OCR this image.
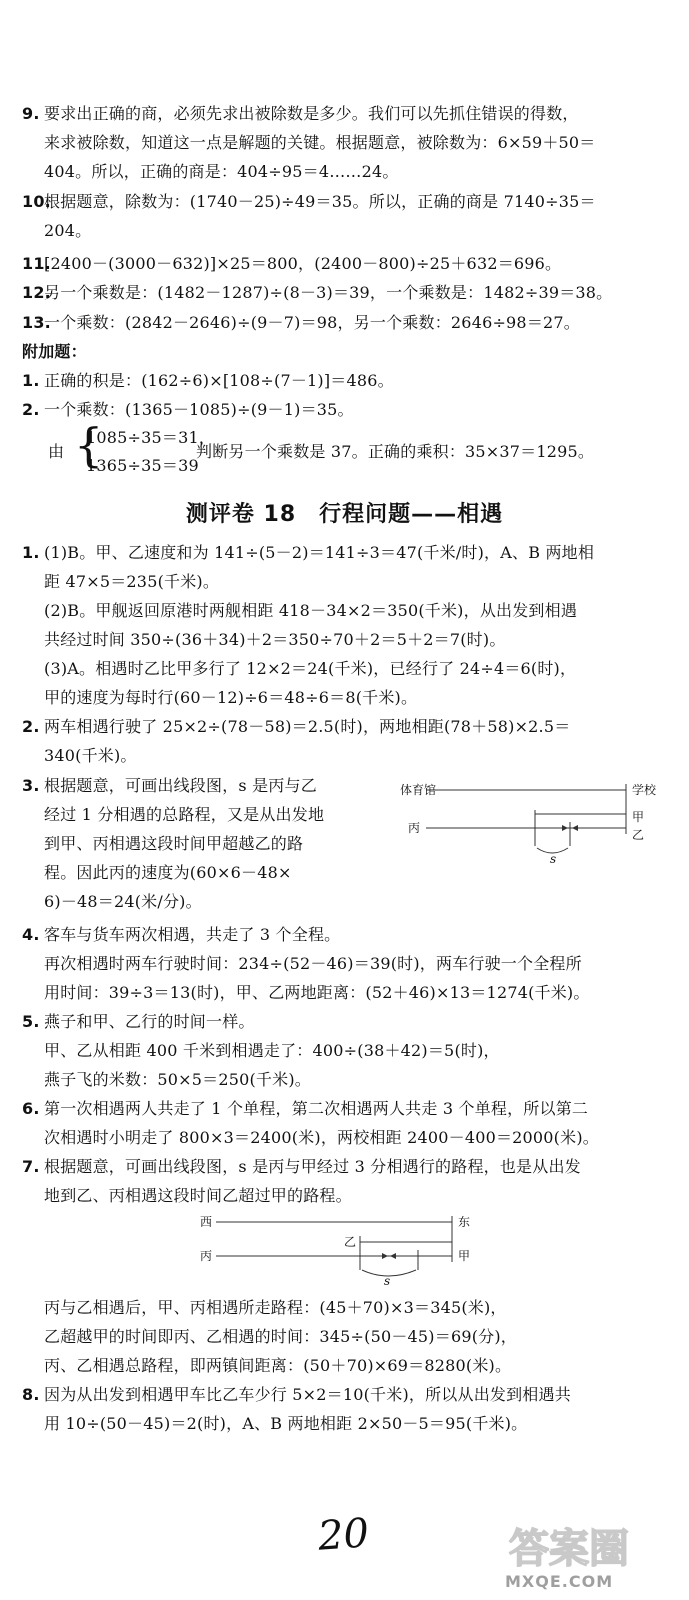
9. 要求出正确的商，必须先求出被除数是多少。我们可以先抓住错误的得数，
来求被除数，知道这一点是解题的关键。根据题意，被除数为：6×59＋50＝
404。所以，正确的商是：404÷95＝4……24。
10.根据题意，除数为：(1740－25)÷49＝35。所以，正确的商是 7140÷35＝
204。
11.[2400－(3000－632)]×25＝800，(2400－800)÷25＋632＝696。
12.另一个乘数是：(1482－1287)÷(8－3)＝39，一个乘数是：1482÷39＝38。
13.一个乘数：(2842－2646)÷(9－7)＝98，另一个乘数：2646÷98＝27。
附加题：
1. 正确的积是：(162÷6)×[108÷(7－1)]＝486。
2. 一个乘数：(1365－1085)÷(9－1)＝35。
由 {
1085÷35＝31，
1365÷35＝39
判断另一个乘数是 37。正确的乘积：35×37＝1295。
测评卷 18　行程问题——相遇
1. (1)B。甲、乙速度和为 141÷(5－2)＝141÷3＝47(千米/时)，A、B 两地相
距 47×5＝235(千米)。
(2)B。甲舰返回原港时两舰相距 418－34×2＝350(千米)，从出发到相遇
共经过时间 350÷(36＋34)＋2＝350÷70＋2＝5＋2＝7(时)。
(3)A。相遇时乙比甲多行了 12×2＝24(千米)，已经行了 24÷4＝6(时)，
甲的速度为每时行(60－12)÷6＝48÷6＝8(千米)。
2. 两车相遇行驶了 25×2÷(78－58)＝2.5(时)，两地相距(78＋58)×2.5＝
340(千米)。
3. 根据题意，可画出线段图，s 是丙与乙
经过 1 分相遇的总路程，又是从出发地
到甲、丙相遇这段时间甲超越乙的路
程。因此丙的速度为(60×6－48×
6)－48＝24(米/分)。
体育馆	学校
丙
甲
乙
s
4. 客车与货车两次相遇，共走了 3 个全程。
再次相遇时两车行驶时间：234÷(52－46)＝39(时)，两车行驶一个全程所
用时间：39÷3＝13(时)，甲、乙两地距离：(52＋46)×13＝1274(千米)。
5. 燕子和甲、乙行的时间一样。
甲、乙从相距 400 千米到相遇走了：400÷(38＋42)＝5(时)，
燕子飞的米数：50×5＝250(千米)。
6. 第一次相遇两人共走了 1 个单程，第二次相遇两人共走 3 个单程，所以第二
次相遇时小明走了 800×3＝2400(米)，两校相距 2400－400＝2000(米)。
7. 根据题意，可画出线段图，s 是丙与甲经过 3 分相遇行的路程，也是从出发
地到乙、丙相遇这段时间乙超过甲的路程。
西	东
丙
乙
甲
s
丙与乙相遇后，甲、丙相遇所走路程：(45＋70)×3＝345(米)，
乙超越甲的时间即丙、乙相遇的时间：345÷(50－45)＝69(分)，
丙、乙相遇总路程，即两镇间距离：(50＋70)×69＝8280(米)。
8. 因为从出发到相遇甲车比乙车少行 5×2＝10(千米)，所以从出发到相遇共
用 10÷(50－45)＝2(时)，A、B 两地相距 2×50－5＝95(千米)。
20	答案圈
MXQE.COM
